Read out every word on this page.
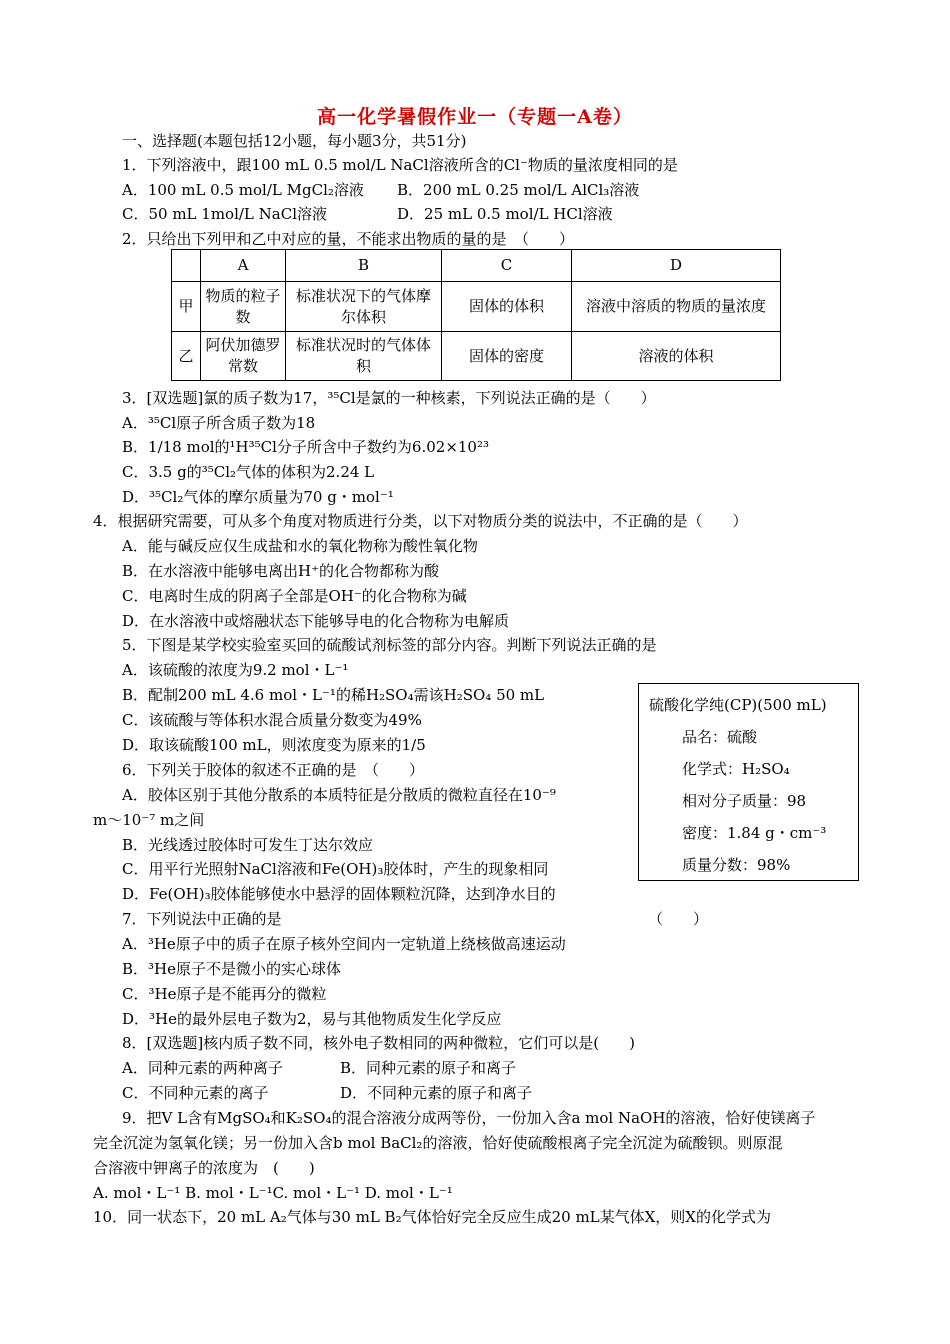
高一化学暑假作业一（专题一A卷）
一、选择题(本题包括12小题，每小题3分，共51分)
1．下列溶液中，跟100 mL 0.5 mol/L NaCl溶液所含的Cl⁻物质的量浓度相同的是
A．100 mL 0.5 mol/L MgCl₂溶液 B．200 mL 0.25 mol/L AlCl₃溶液
C．50 mL 1mol/L NaCl溶液	D．25 mL 0.5 mol/L HCl溶液
2．只给出下列甲和乙中对应的量，不能求出物质的量的是　（　　）
	A	B	C	D
甲	物质的粒子数	标准状况下的气体摩尔体积	固体的体积	溶液中溶质的物质的量浓度
乙	阿伏加德罗常数	标准状况时的气体体积	固体的密度	溶液的体积
3．[双选题]氯的质子数为17，³⁵Cl是氯的一种核素，下列说法正确的是（　　）
A．³⁵Cl原子所含质子数为18
B．1/18 mol的¹H³⁵Cl分子所含中子数约为6.02×10²³
C．3.5 g的³⁵Cl₂气体的体积为2.24 L
D．³⁵Cl₂气体的摩尔质量为70 g・mol⁻¹
4．根据研究需要，可从多个角度对物质进行分类，以下对物质分类的说法中，不正确的是（　　）
A．能与碱反应仅生成盐和水的氧化物称为酸性氧化物
B．在水溶液中能够电离出H⁺的化合物都称为酸
C．电离时生成的阴离子全部是OH⁻的化合物称为碱
D．在水溶液中或熔融状态下能够导电的化合物称为电解质
5．下图是某学校实验室买回的硫酸试剂标签的部分内容。判断下列说法正确的是
A．该硫酸的浓度为9.2 mol・L⁻¹
B．配制200 mL 4.6 mol・L⁻¹的稀H₂SO₄需该H₂SO₄ 50 mL
C．该硫酸与等体积水混合质量分数变为49%
D．取该硫酸100 mL，则浓度变为原来的1/5
硫酸化学纯(CP)(500 mL)
品名：硫酸
化学式：H₂SO₄
相对分子质量：98
密度：1.84 g・cm⁻³
质量分数：98%
6．下列关于胶体的叙述不正确的是　（　　）
A．胶体区别于其他分散系的本质特征是分散质的微粒直径在10⁻⁹
m～10⁻⁷ m之间
B．光线透过胶体时可发生丁达尔效应
C．用平行光照射NaCl溶液和Fe(OH)₃胶体时，产生的现象相同
D．Fe(OH)₃胶体能够使水中悬浮的固体颗粒沉降，达到净水目的
7．下列说法中正确的是	（　　）
A．³He原子中的质子在原子核外空间内一定轨道上绕核做高速运动
B．³He原子不是微小的实心球体
C．³He原子是不能再分的微粒
D．³He的最外层电子数为2，易与其他物质发生化学反应
8．[双选题]核内质子数不同，核外电子数相同的两种微粒，它们可以是(　　)
A．同种元素的两种离子	B．同种元素的原子和离子
C．不同种元素的离子	D．不同种元素的原子和离子
9．把V L含有MgSO₄和K₂SO₄的混合溶液分成两等份，一份加入含a mol NaOH的溶液，恰好使镁离子
完全沉淀为氢氧化镁；另一份加入含b mol BaCl₂的溶液，恰好使硫酸根离子完全沉淀为硫酸钡。则原混
合溶液中钾离子的浓度为　(　　)
A. mol・L⁻¹ B. mol・L⁻¹C. mol・L⁻¹ D. mol・L⁻¹
10．同一状态下，20 mL A₂气体与30 mL B₂气体恰好完全反应生成20 mL某气体X，则X的化学式为
